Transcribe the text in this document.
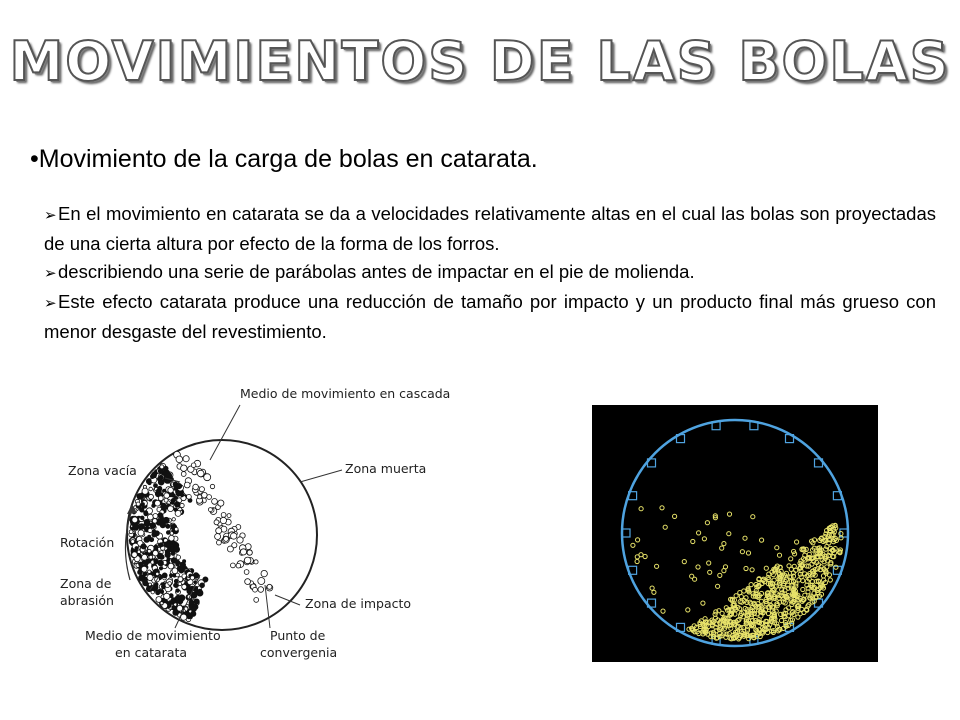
MOVIMIENTOS DE LAS BOLAS
•Movimiento de la carga de bolas en catarata.
➢En el movimiento en catarata se da a velocidades relativamente altas en el cual las bolas son proyectadas de una cierta altura por efecto de la forma de los forros.
➢describiendo una serie de parábolas antes de impactar en el pie de molienda.
➢Este efecto catarata produce una reducción de tamaño por impacto y un producto final más grueso con menor desgaste del revestimiento.
Medio de movimiento en cascada
Zona vacía	Zona muerta
Rotación
Zona de
abrasión	Zona de impacto
Medio de movimiento
en catarata
Punto de
convergenia
